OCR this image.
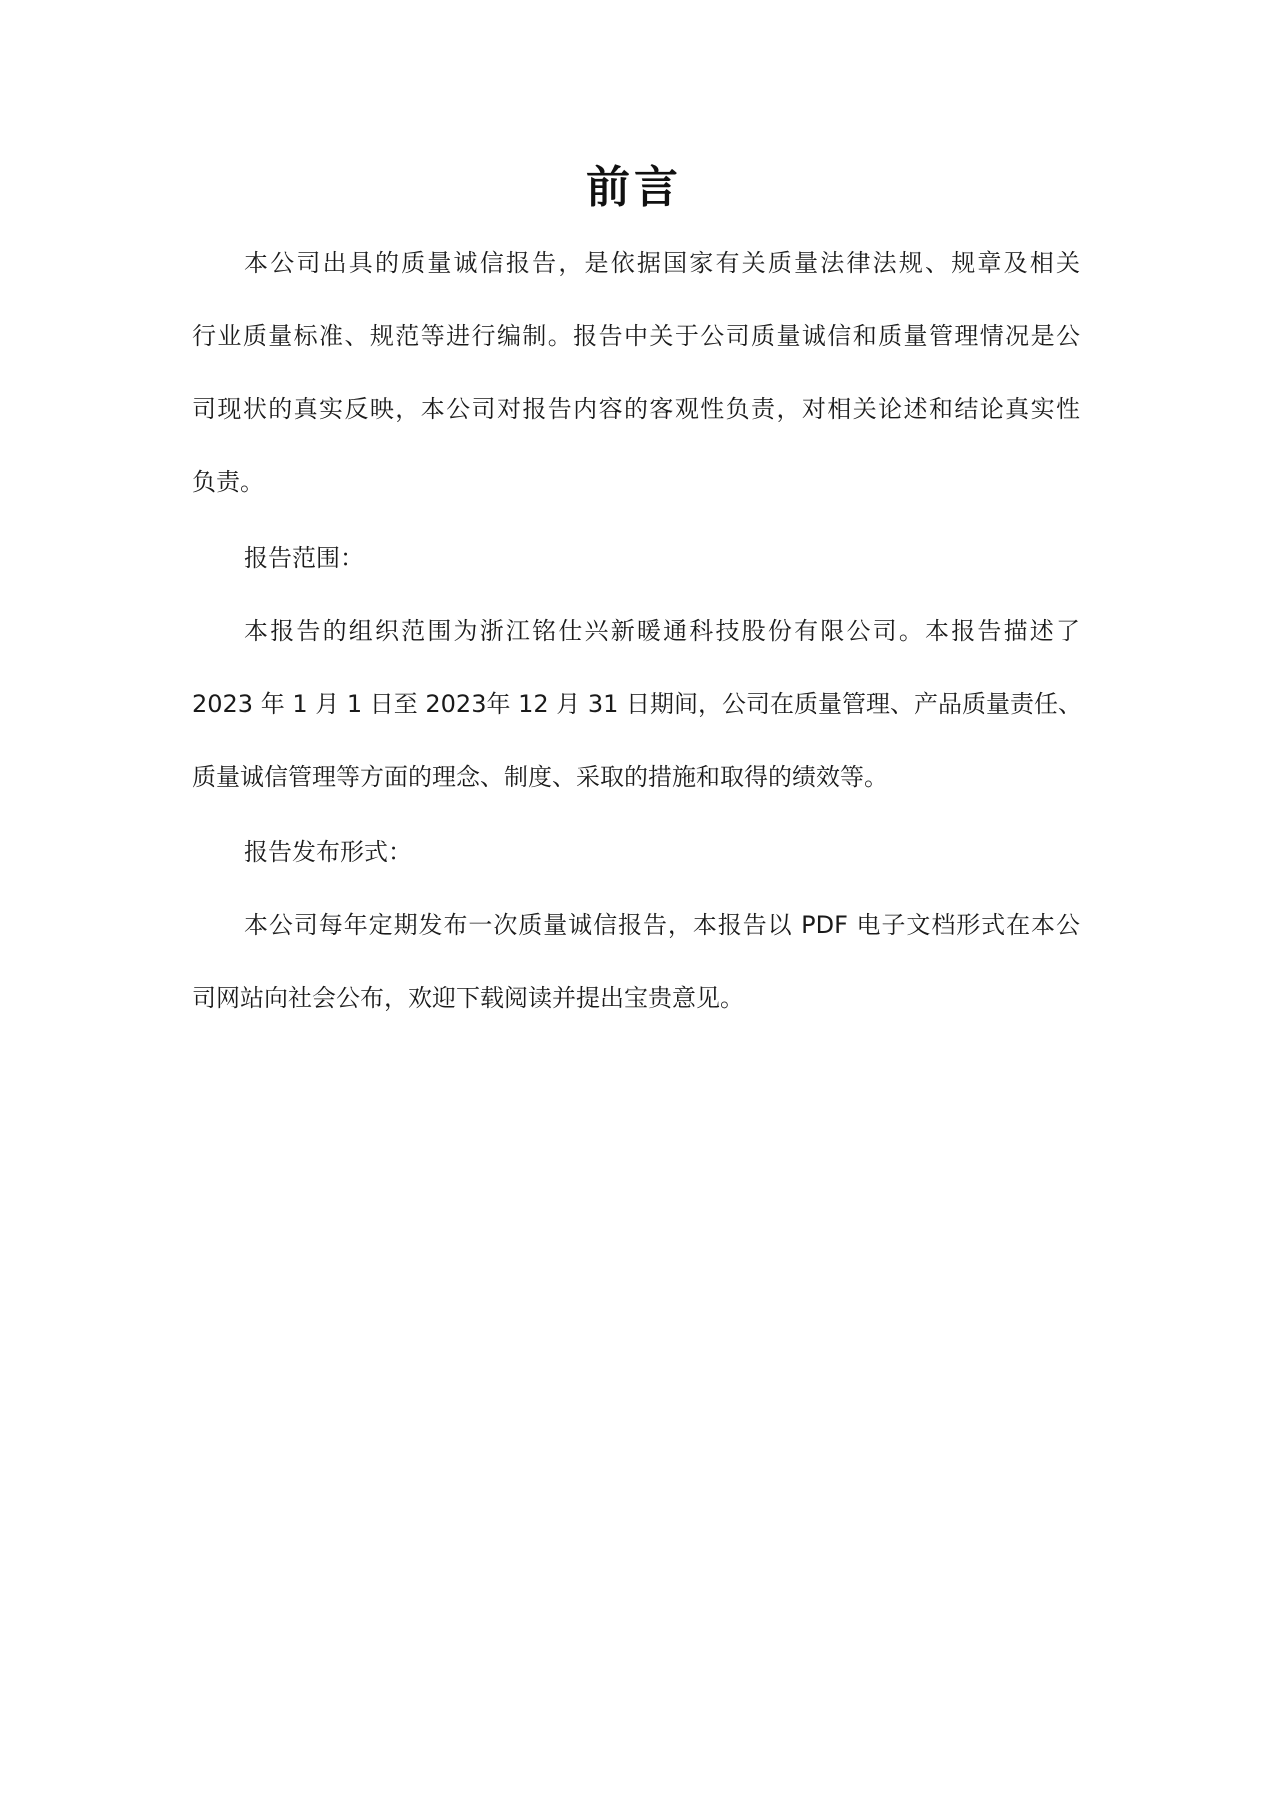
前言

本公司出具的质量诚信报告，是依据国家有关质量法律法规、规章及相关

行业质量标准、规范等进行编制。报告中关于公司质量诚信和质量管理情况是公

司现状的真实反映，本公司对报告内容的客观性负责，对相关论述和结论真实性

负责。

报告范围：

本报告的组织范围为浙江铭仕兴新暖通科技股份有限公司。本报告描述了

2023 年 1 月 1 日至 2023年 12 月 31 日期间，公司在质量管理、产品质量责任、

质量诚信管理等方面的理念、制度、采取的措施和取得的绩效等。

报告发布形式：

本公司每年定期发布一次质量诚信报告，本报告以 PDF 电子文档形式在本公

司网站向社会公布，欢迎下载阅读并提出宝贵意见。
